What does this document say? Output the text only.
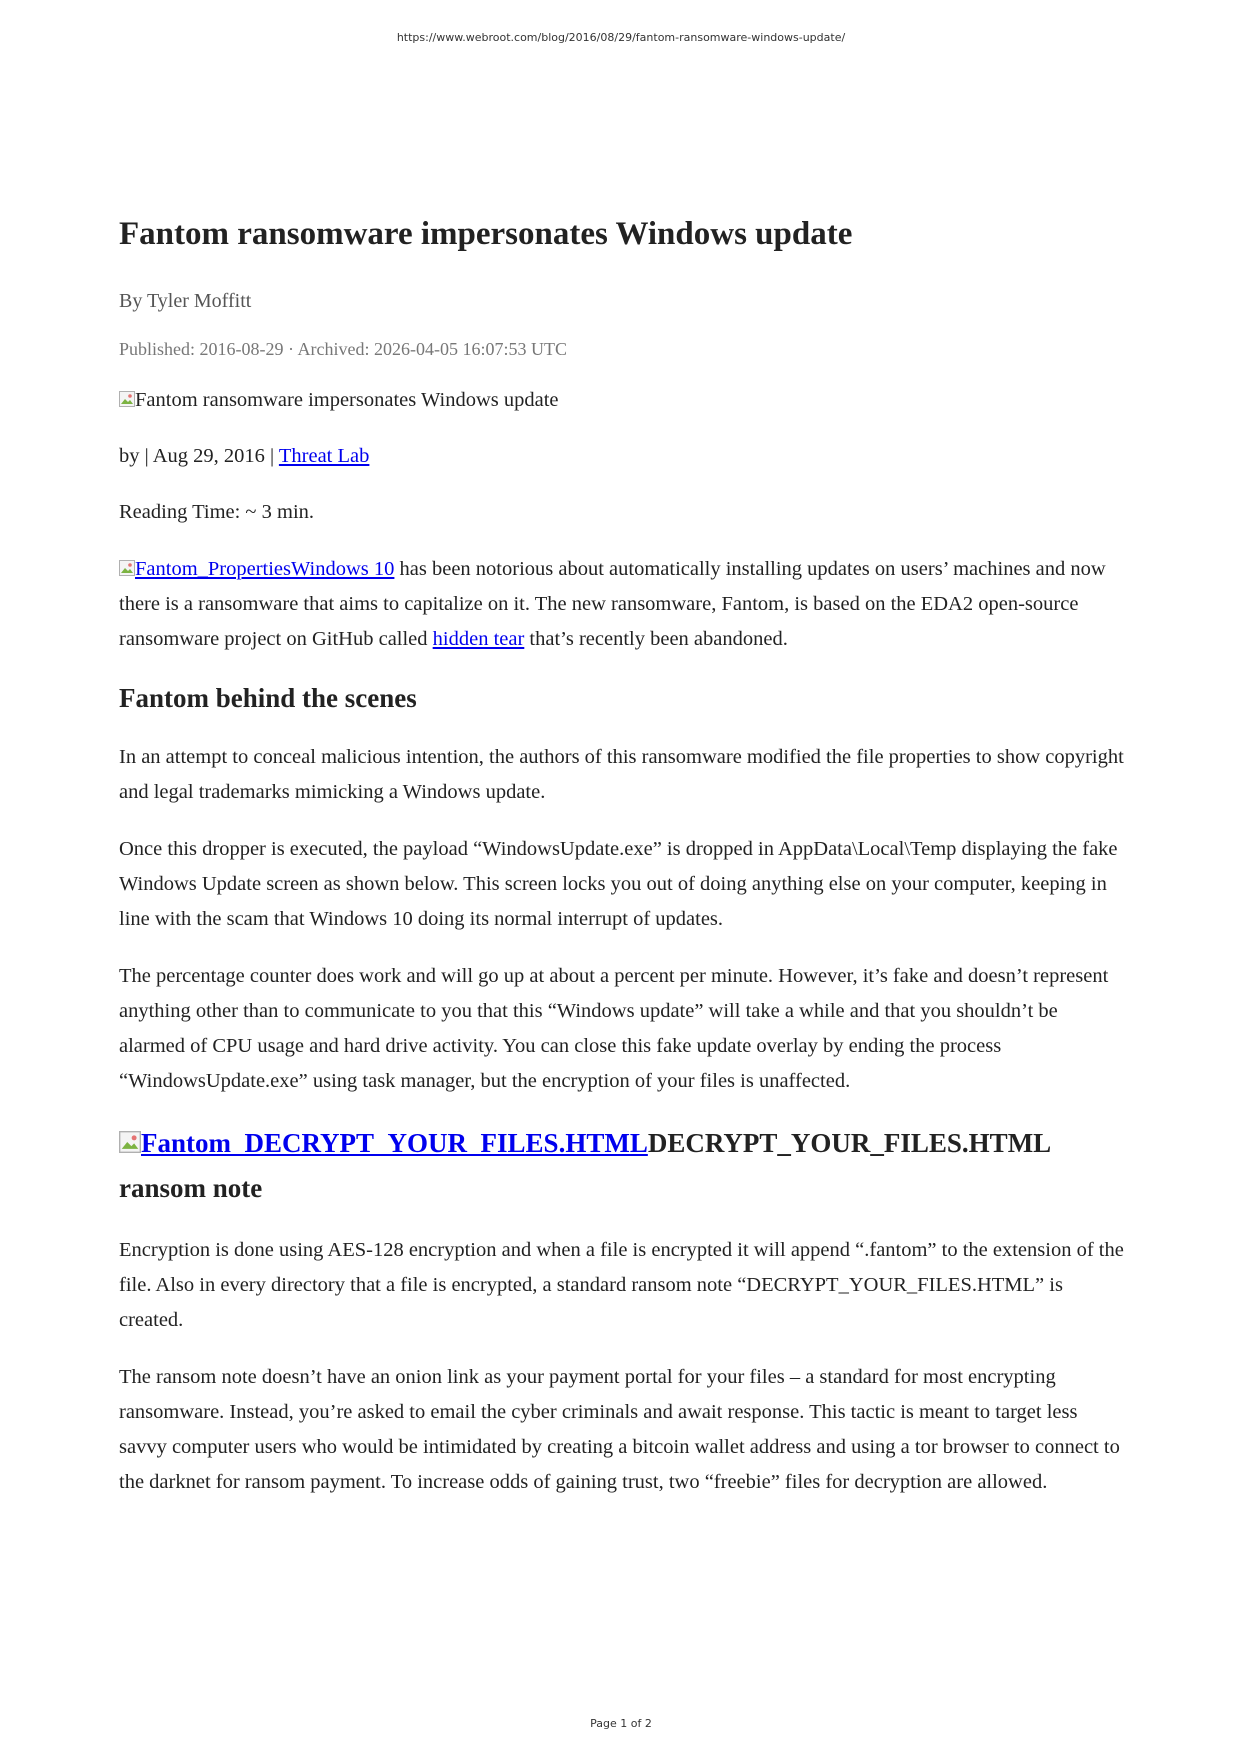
https://www.webroot.com/blog/2016/08/29/fantom-ransomware-windows-update/
Fantom ransomware impersonates Windows update
By Tyler Moffitt
Published: 2016-08-29 · Archived: 2026-04-05 16:07:53 UTC
Fantom ransomware impersonates Windows update
by | Aug 29, 2016 | Threat Lab
Reading Time: ~ 3 min.

Fantom_PropertiesWindows 10 has been notorious about automatically installing updates on users’ machines and now there is a ransomware that aims to capitalize on it. The new ransomware, Fantom, is based on the EDA2 open-source ransomware project on GitHub called hidden tear that’s recently been abandoned.

Fantom behind the scenes

In an attempt to conceal malicious intention, the authors of this ransomware modified the file properties to show copyright and legal trademarks mimicking a Windows update.

Once this dropper is executed, the payload “WindowsUpdate.exe” is dropped in AppData\Local\Temp displaying the fake Windows Update screen as shown below. This screen locks you out of doing anything else on your computer, keeping in line with the scam that Windows 10 doing its normal interrupt of updates.

The percentage counter does work and will go up at about a percent per minute. However, it’s fake and doesn’t represent anything other than to communicate to you that this “Windows update” will take a while and that you shouldn’t be alarmed of CPU usage and hard drive activity. You can close this fake update overlay by ending the process “WindowsUpdate.exe” using task manager, but the encryption of your files is unaffected.

Fantom_DECRYPT_YOUR_FILES.HTMLDECRYPT_YOUR_FILES.HTML ransom note

Encryption is done using AES-128 encryption and when a file is encrypted it will append “.fantom” to the extension of the file. Also in every directory that a file is encrypted, a standard ransom note “DECRYPT_YOUR_FILES.HTML” is created.

The ransom note doesn’t have an onion link as your payment portal for your files – a standard for most encrypting ransomware. Instead, you’re asked to email the cyber criminals and await response. This tactic is meant to target less savvy computer users who would be intimidated by creating a bitcoin wallet address and using a tor browser to connect to the darknet for ransom payment. To increase odds of gaining trust, two “freebie” files for decryption are allowed.

Page 1 of 2
